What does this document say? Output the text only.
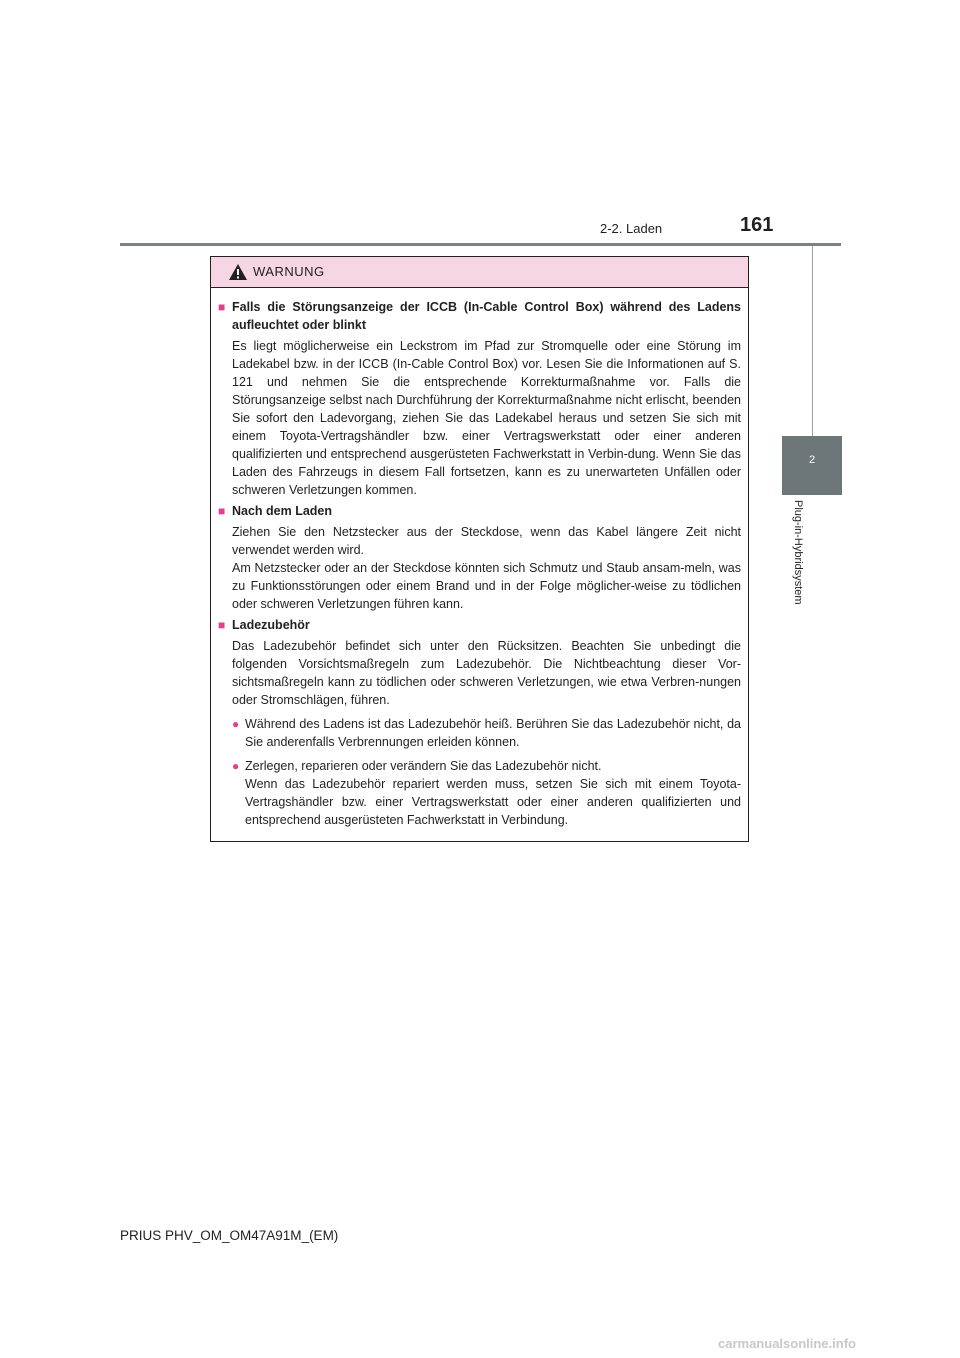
2-2. Laden	161
2
Plug-in-Hybridsystem
WARNUNG
■ Falls die Störungsanzeige der ICCB (In-Cable Control Box) während des Ladens aufleuchtet oder blinkt

Es liegt möglicherweise ein Leckstrom im Pfad zur Stromquelle oder eine Störung im Ladekabel bzw. in der ICCB (In-Cable Control Box) vor. Lesen Sie die Informationen auf S. 121 und nehmen Sie die entsprechende Korrekturmaßnahme vor. Falls die Störungsanzeige selbst nach Durchführung der Korrekturmaßnahme nicht erlischt, beenden Sie sofort den Ladevorgang, ziehen Sie das Ladekabel heraus und setzen Sie sich mit einem Toyota-Vertragshändler bzw. einer Vertragswerkstatt oder einer anderen qualifizierten und entsprechend ausgerüsteten Fachwerkstatt in Verbin-dung. Wenn Sie das Laden des Fahrzeugs in diesem Fall fortsetzen, kann es zu unerwarteten Unfällen oder schweren Verletzungen kommen.

■ Nach dem Laden

Ziehen Sie den Netzstecker aus der Steckdose, wenn das Kabel längere Zeit nicht verwendet werden wird.

Am Netzstecker oder an der Steckdose könnten sich Schmutz und Staub ansam-meln, was zu Funktionsstörungen oder einem Brand und in der Folge möglicher-weise zu tödlichen oder schweren Verletzungen führen kann.

■ Ladezubehör

Das Ladezubehör befindet sich unter den Rücksitzen. Beachten Sie unbedingt die folgenden Vorsichtsmaßregeln zum Ladezubehör. Die Nichtbeachtung dieser Vor-sichtsmaßregeln kann zu tödlichen oder schweren Verletzungen, wie etwa Verbren-nungen oder Stromschlägen, führen.

● Während des Ladens ist das Ladezubehör heiß. Berühren Sie das Ladezubehör nicht, da Sie anderenfalls Verbrennungen erleiden können.

● Zerlegen, reparieren oder verändern Sie das Ladezubehör nicht.

Wenn das Ladezubehör repariert werden muss, setzen Sie sich mit einem Toyota-Vertragshändler bzw. einer Vertragswerkstatt oder einer anderen qualifizierten und entsprechend ausgerüsteten Fachwerkstatt in Verbindung.

PRIUS PHV_OM_OM47A91M_(EM)
carmanualsonline.info
